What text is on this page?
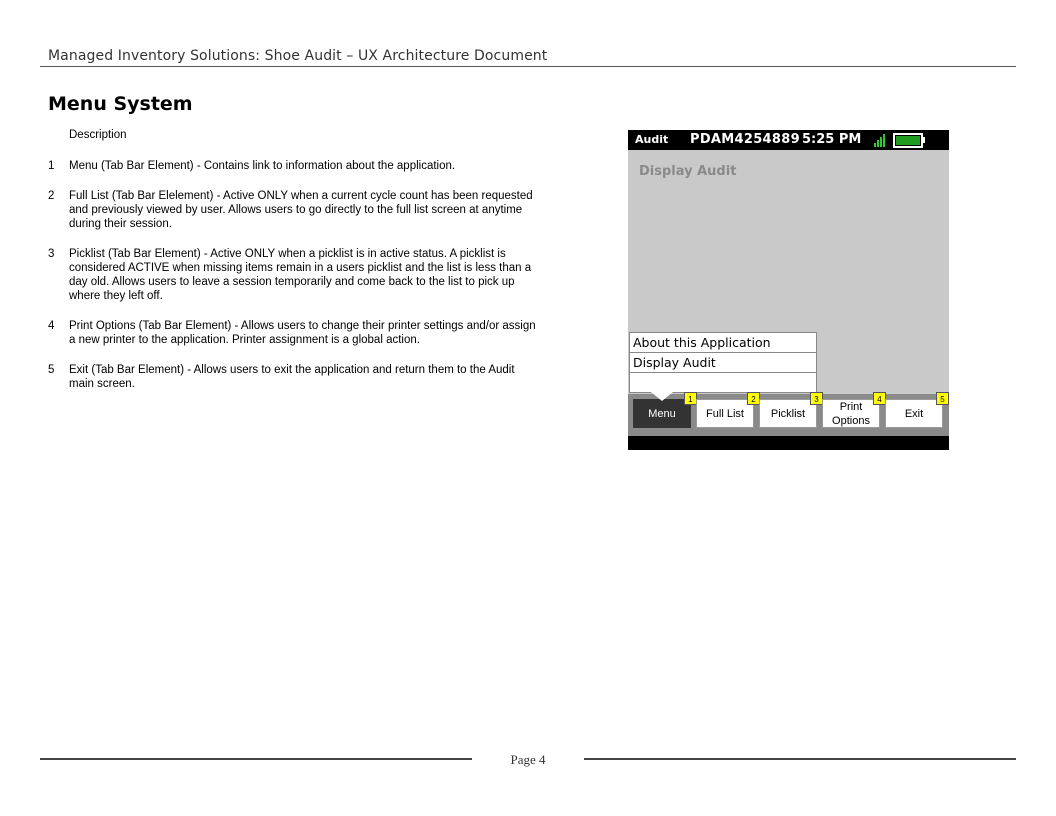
Managed Inventory Solutions: Shoe Audit – UX Architecture Document
Menu System
Description
1 Menu (Tab Bar Element) - Contains link to information about the application.
2 Full List (Tab Bar Elelement) - Active ONLY when a current cycle count has been requested and previously viewed by user. Allows users to go directly to the full list screen at anytime during their session.
3 Picklist (Tab Bar Element) - Active ONLY when a picklist is in active status. A picklist is considered ACTIVE when missing items remain in a users picklist and the list is less than a day old. Allows users to leave a session temporarily and come back to the list to pick up where they left off.
4 Print Options (Tab Bar Element) - Allows users to change their printer settings and/or assign a new printer to the application. Printer assignment is a global action.
5 Exit (Tab Bar Element) - Allows users to exit the application and return them to the Audit main screen.
Audit PDAM4254889 5:25 PM
Display Audit
About this Application
Display Audit
Menu
1
Full List
2
Picklist
3
Print Options
4
Exit
5
Page 4
